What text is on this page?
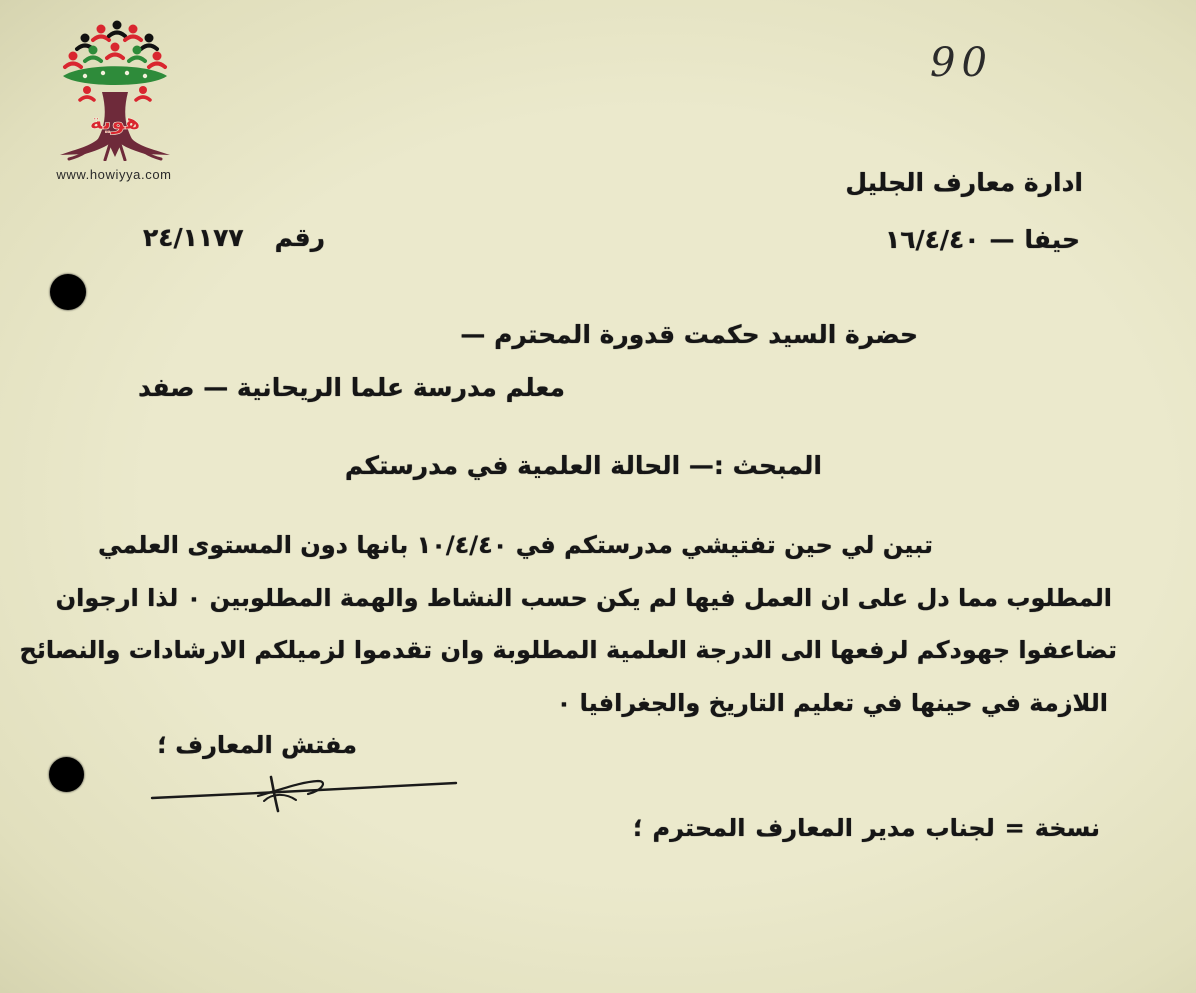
هوية
www.howiyya.com
90
ادارة معارف الجليل
حيفا — ١٦/٤/٤٠
رقم ٢٤/١١٧٧
حضرة السيد حكمت قدورة المحترم —
معلم مدرسة علما الريحانية — صفد
المبحث :— الحالة العلمية في مدرستكم
تبين لي حين تفتيشي مدرستكم في ١٠/٤/٤٠ بانها دون المستوى العلمي
المطلوب مما دل على ان العمل فيها لم يكن حسب النشاط والهمة المطلوبين ٠ لذا ارجوان
تضاعفوا جهودكم لرفعها الى الدرجة العلمية المطلوبة وان تقدموا لزميلكم الارشادات والنصائح
اللازمة في حينها في تعليم التاريخ والجغرافيا ٠
مفتش المعارف ؛
نسخة = لجناب مدير المعارف المحترم ؛
